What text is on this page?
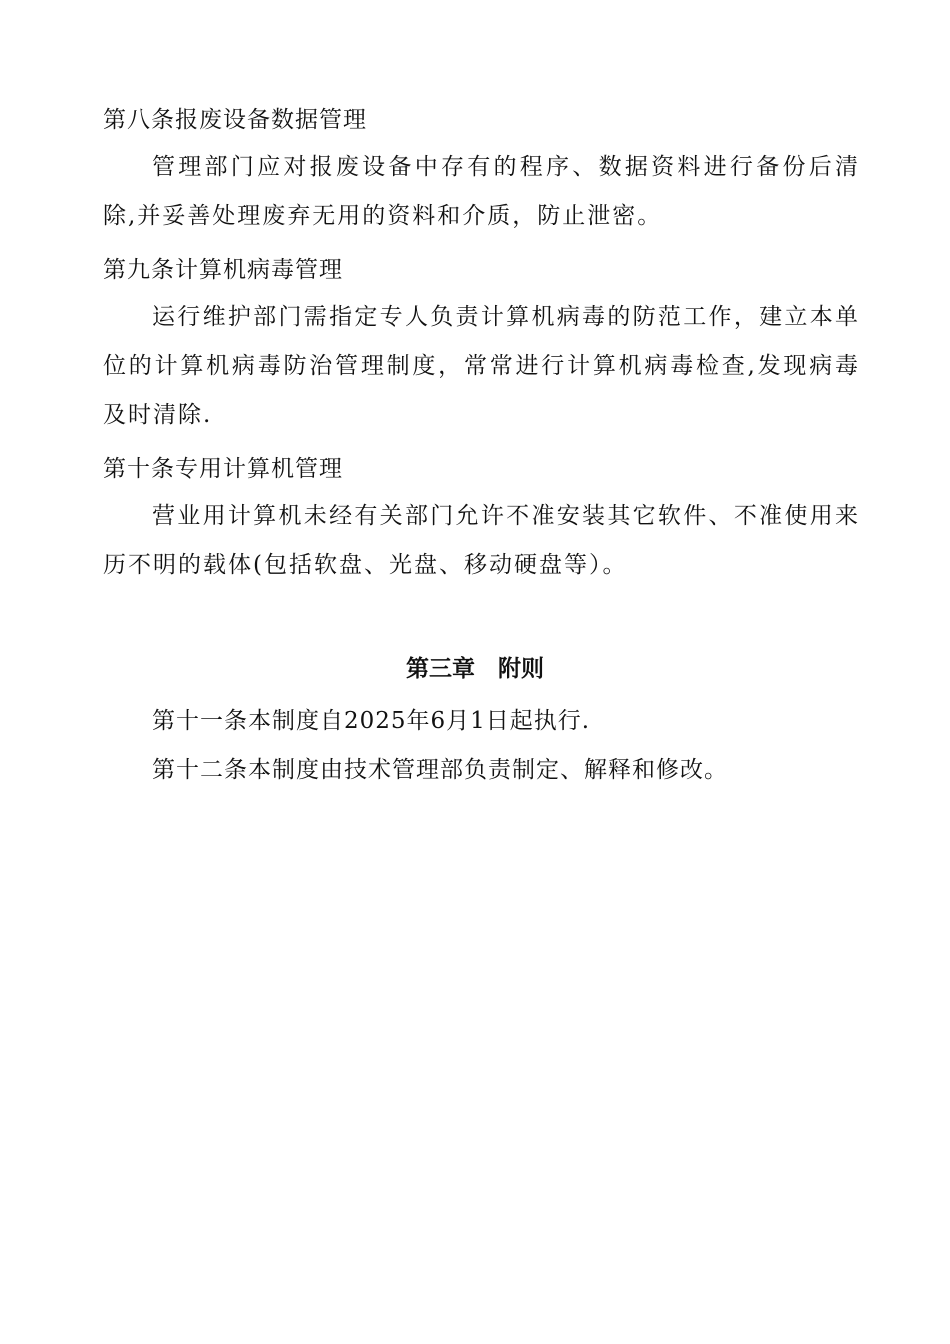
第八条报废设备数据管理

管理部门应对报废设备中存有的程序、数据资料进行备份后清除,并妥善处理废弃无用的资料和介质，防止泄密。

第九条计算机病毒管理

运行维护部门需指定专人负责计算机病毒的防范工作，建立本单位的计算机病毒防治管理制度，常常进行计算机病毒检查,发现病毒及时清除.

第十条专用计算机管理

营业用计算机未经有关部门允许不准安装其它软件、不准使用来历不明的载体(包括软盘、光盘、移动硬盘等）。

第三章　附则
第十一条本制度自2025年6月1日起执行.
第十二条本制度由技术管理部负责制定、解释和修改。
